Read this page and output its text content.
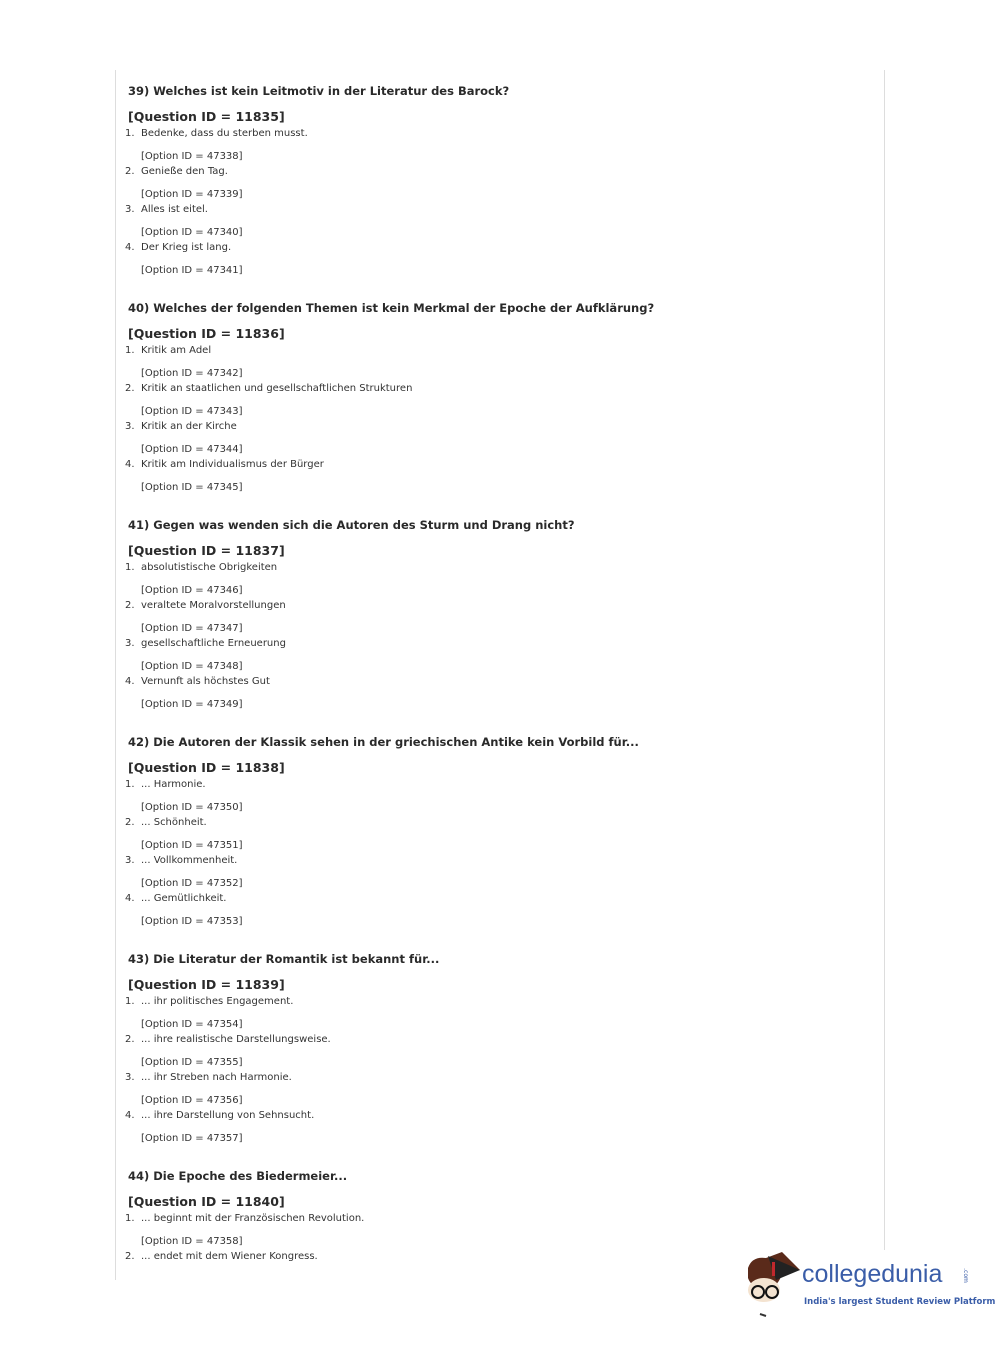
39) Welches ist kein Leitmotiv in der Literatur des Barock?
[Question ID = 11835]
1. Bedenke, dass du sterben musst.
[Option ID = 47338]
2. Genieße den Tag.
[Option ID = 47339]
3. Alles ist eitel.
[Option ID = 47340]
4. Der Krieg ist lang.
[Option ID = 47341]
40) Welches der folgenden Themen ist kein Merkmal der Epoche der Aufklärung?
[Question ID = 11836]
1. Kritik am Adel
[Option ID = 47342]
2. Kritik an staatlichen und gesellschaftlichen Strukturen
[Option ID = 47343]
3. Kritik an der Kirche
[Option ID = 47344]
4. Kritik am Individualismus der Bürger
[Option ID = 47345]
41) Gegen was wenden sich die Autoren des Sturm und Drang nicht?
[Question ID = 11837]
1. absolutistische Obrigkeiten
[Option ID = 47346]
2. veraltete Moralvorstellungen
[Option ID = 47347]
3. gesellschaftliche Erneuerung
[Option ID = 47348]
4. Vernunft als höchstes Gut
[Option ID = 47349]
42) Die Autoren der Klassik sehen in der griechischen Antike kein Vorbild für...
[Question ID = 11838]
1. ... Harmonie.
[Option ID = 47350]
2. ... Schönheit.
[Option ID = 47351]
3. ... Vollkommenheit.
[Option ID = 47352]
4. ... Gemütlichkeit.
[Option ID = 47353]
43) Die Literatur der Romantik ist bekannt für...
[Question ID = 11839]
1. ... ihr politisches Engagement.
[Option ID = 47354]
2. ... ihre realistische Darstellungsweise.
[Option ID = 47355]
3. ... ihr Streben nach Harmonie.
[Option ID = 47356]
4. ... ihre Darstellung von Sehnsucht.
[Option ID = 47357]
44) Die Epoche des Biedermeier...
[Question ID = 11840]
1. ... beginnt mit der Französischen Revolution.
[Option ID = 47358]
2. ... endet mit dem Wiener Kongress.
collegedunia	.com
India's largest Student Review Platform
